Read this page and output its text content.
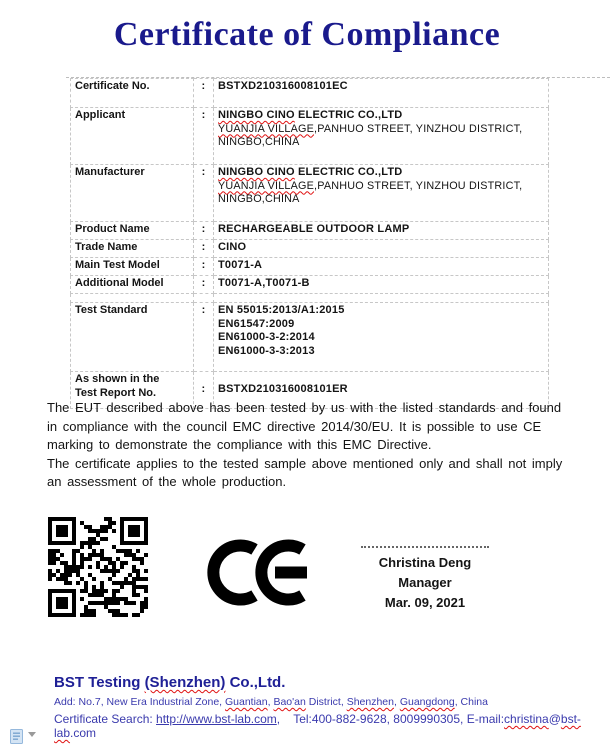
Certificate of Compliance
Certificate No.	:	BSTXD210316008101EC
Applicant	:	NINGBO CINO ELECTRIC CO.,LTD
YUANJIA VILLAGE,PANHUO STREET, YINZHOU DISTRICT,
NINGBO,CHINA

Manufacturer	:	NINGBO CINO ELECTRIC CO.,LTD
YUANJIA VILLAGE,PANHUO STREET, YINZHOU DISTRICT,
NINGBO,CHINA

Product Name	:	RECHARGEABLE OUTDOOR LAMP
Trade Name	:	CINO
Main Test Model	:	T0071-A
Additional Model	:	T0071-A,T0071-B

Test Standard	:	EN 55015:2013/A1:2015
EN61547:2009
EN61000-3-2:2014
EN61000-3-3:2013

As shown in the
Test Report No.	:	BSTXD210316008101ER

The EUT described above has been tested by us with the listed standards and found in compliance with the council EMC directive 2014/30/EU. It is possible to use CE marking to demonstrate the compliance with this EMC Directive.

The certificate applies to the tested sample above mentioned only and shall not imply an assessment of the whole production.

Christina Deng
Manager
Mar. 09, 2021
BST Testing (Shenzhen) Co.,Ltd.
Add: No.7, New Era Industrial Zone, Guantian, Bao'an District, Shenzhen, Guangdong, China
Certificate Search: http://www.bst-lab.com,    Tel:400-882-9628, 8009990305, E-mail:christina@bst-lab.com
